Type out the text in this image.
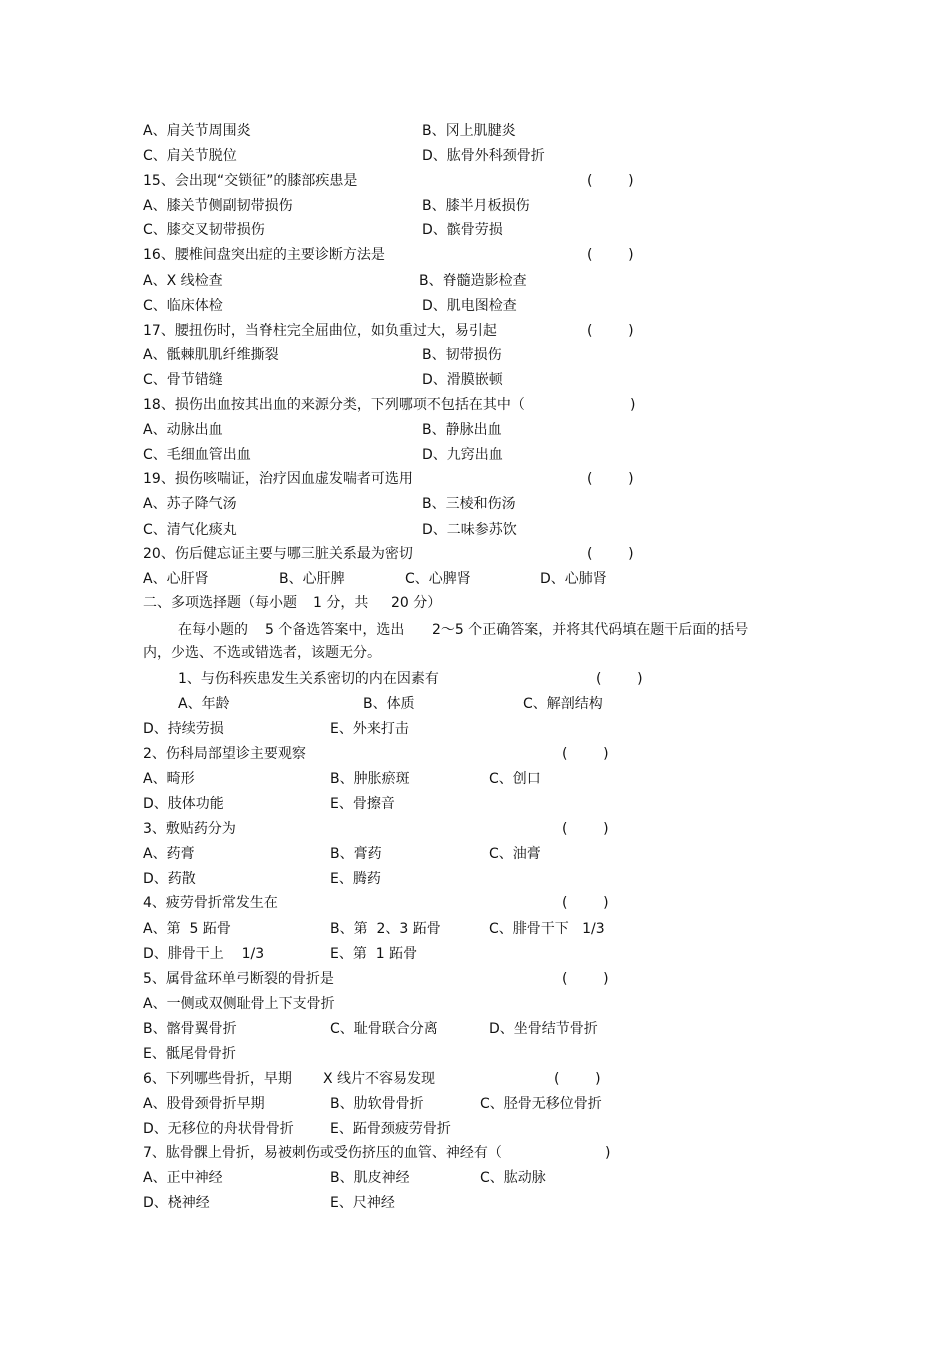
A、肩关节周围炎

	B、冈上肌腱炎

C、肩关节脱位

	D、肱骨外科颈骨折

15、会出现“交锁征”的膝部疾患是

	(        )

A、膝关节侧副韧带损伤

	B、膝半月板损伤

C、膝交叉韧带损伤

	D、髌骨劳损

16、腰椎间盘突出症的主要诊断方法是

	(        )

A、X 线检查

	B、脊髓造影检查

C、临床体检

	D、肌电图检查

17、腰扭伤时，当脊柱完全屈曲位，如负重过大，易引起

	(        )

A、骶棘肌肌纤维撕裂

	B、韧带损伤

C、骨节错缝

	D、滑膜嵌顿

18、损伤出血按其出血的来源分类，下列哪项不包括在其中（

	)

A、动脉出血

	B、静脉出血

C、毛细血管出血

	D、九窍出血

19、损伤咳喘证，治疗因血虚发喘者可选用

	(        )

A、苏子降气汤

	B、三棱和伤汤

C、清气化痰丸

	D、二味参苏饮

20、伤后健忘证主要与哪三脏关系最为密切

	(        )

A、心肝肾

	B、心肝脾

	C、心脾肾

	D、心肺肾

二、多项选择题（每小题

1 分，共

20 分）

在每小题的

5 个备选答案中，选出

2～5 个正确答案，并将其代码填在题干后面的括号

内，少选、不选或错选者，该题无分。

1、与伤科疾患发生关系密切的内在因素有

	(        )

A、年龄

	B、体质

	C、解剖结构

D、持续劳损

	E、外来打击

2、伤科局部望诊主要观察

	(        )

A、畸形

	B、肿胀瘀斑

	C、创口

D、肢体功能

	E、骨擦音

3、敷贴药分为

	(        )

A、药膏

	B、膏药

	C、油膏

D、药散

	E、腾药

4、疲劳骨折常发生在

	(        )

A、第  5 跖骨

	B、第  2、3 跖骨

	C、腓骨干下   1/3

D、腓骨干上    1/3

	E、第  1 跖骨

5、属骨盆环单弓断裂的骨折是

	(        )

A、一侧或双侧耻骨上下支骨折

B、髂骨翼骨折

	C、耻骨联合分离

	D、坐骨结节骨折

E、骶尾骨骨折

6、下列哪些骨折，早期

X 线片不容易发现

	(        )

A、股骨颈骨折早期

	B、肋软骨骨折

	C、胫骨无移位骨折

D、无移位的舟状骨骨折

	E、跖骨颈疲劳骨折

7、肱骨髁上骨折，易被刺伤或受伤挤压的血管、神经有（

	)

A、正中神经

	B、肌皮神经

	C、肱动脉

D、桡神经

	E、尺神经
